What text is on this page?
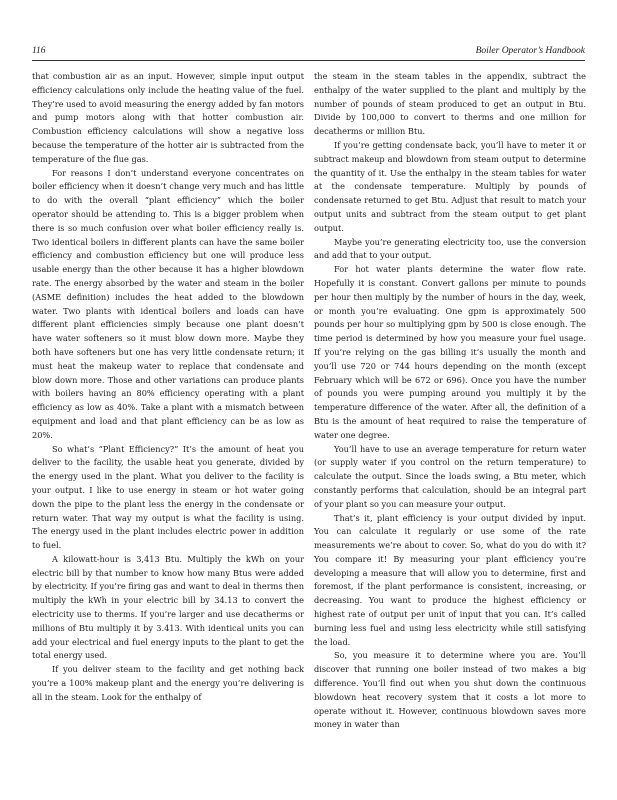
116	Boiler Operator’s Handbook

that combustion air as an input. However, simple input output efficiency calculations only include the heating value of the fuel. They’re used to avoid measuring the energy added by fan motors and pump motors along with that hotter combustion air. Combustion efficiency calculations will show a negative loss because the temperature of the hotter air is subtracted from the temperature of the flue gas.

For reasons I don’t understand everyone concentrates on boiler efficiency when it doesn’t change very much and has little to do with the overall “plant efficiency” which the boiler operator should be attending to. This is a bigger problem when there is so much confusion over what boiler efficiency really is. Two identical boilers in different plants can have the same boiler efficiency and combustion efficiency but one will produce less usable energy than the other because it has a higher blowdown rate. The energy absorbed by the water and steam in the boiler (ASME definition) includes the heat added to the blowdown water. Two plants with identical boilers and loads can have different plant efficiencies simply because one plant doesn’t have water softeners so it must blow down more. Maybe they both have softeners but one has very little condensate return; it must heat the makeup water to replace that condensate and blow down more. Those and other variations can produce plants with boilers having an 80% efficiency operating with a plant efficiency as low as 40%. Take a plant with a mismatch between equipment and load and that plant efficiency can be as low as 20%.

So what’s “Plant Efficiency?” It’s the amount of heat you deliver to the facility, the usable heat you generate, divided by the energy used in the plant. What you deliver to the facility is your output. I like to use energy in steam or hot water going down the pipe to the plant less the energy in the condensate or return water. That way my output is what the facility is using. The energy used in the plant includes electric power in addition to fuel.

A kilowatt-hour is 3,413 Btu. Multiply the kWh on your electric bill by that number to know how many Btus were added by electricity. If you’re firing gas and want to deal in therms then multiply the kWh in your electric bill by 34.13 to convert the electricity use to therms. If you’re larger and use decatherms or millions of Btu multiply it by 3.413. With identical units you can add your electrical and fuel energy inputs to the plant to get the total energy used.

If you deliver steam to the facility and get nothing back you’re a 100% makeup plant and the energy you’re delivering is all in the steam. Look for the enthalpy of

the steam in the steam tables in the appendix, subtract the enthalpy of the water supplied to the plant and multiply by the number of pounds of steam produced to get an output in Btu. Divide by 100,000 to convert to therms and one million for decatherms or million Btu.

If you’re getting condensate back, you’ll have to meter it or subtract makeup and blowdown from steam output to determine the quantity of it. Use the enthalpy in the steam tables for water at the condensate temperature. Multiply by pounds of condensate returned to get Btu. Adjust that result to match your output units and subtract from the steam output to get plant output.

Maybe you’re generating electricity too, use the conversion and add that to your output.

For hot water plants determine the water flow rate. Hopefully it is constant. Convert gallons per minute to pounds per hour then multiply by the number of hours in the day, week, or month you’re evaluating. One gpm is approximately 500 pounds per hour so multiplying gpm by 500 is close enough. The time period is determined by how you measure your fuel usage. If you’re relying on the gas billing it’s usually the month and you’ll use 720 or 744 hours depending on the month (except February which will be 672 or 696). Once you have the number of pounds you were pumping around you multiply it by the temperature difference of the water. After all, the definition of a Btu is the amount of heat required to raise the temperature of water one degree.

You’ll have to use an average temperature for return water (or supply water if you control on the return temperature) to calculate the output. Since the loads swing, a Btu meter, which constantly performs that calculation, should be an integral part of your plant so you can measure your output.

That’s it, plant efficiency is your output divided by input. You can calculate it regularly or use some of the rate measurements we’re about to cover. So, what do you do with it? You compare it! By measuring your plant efficiency you’re developing a measure that will allow you to determine, first and foremost, if the plant performance is consistent, increasing, or decreasing. You want to produce the highest efficiency or highest rate of output per unit of input that you can. It’s called burning less fuel and using less electricity while still satisfying the load.

So, you measure it to determine where you are. You’ll discover that running one boiler instead of two makes a big difference. You’ll find out when you shut down the continuous blowdown heat recovery system that it costs a lot more to operate without it. However, continuous blowdown saves more money in water than
